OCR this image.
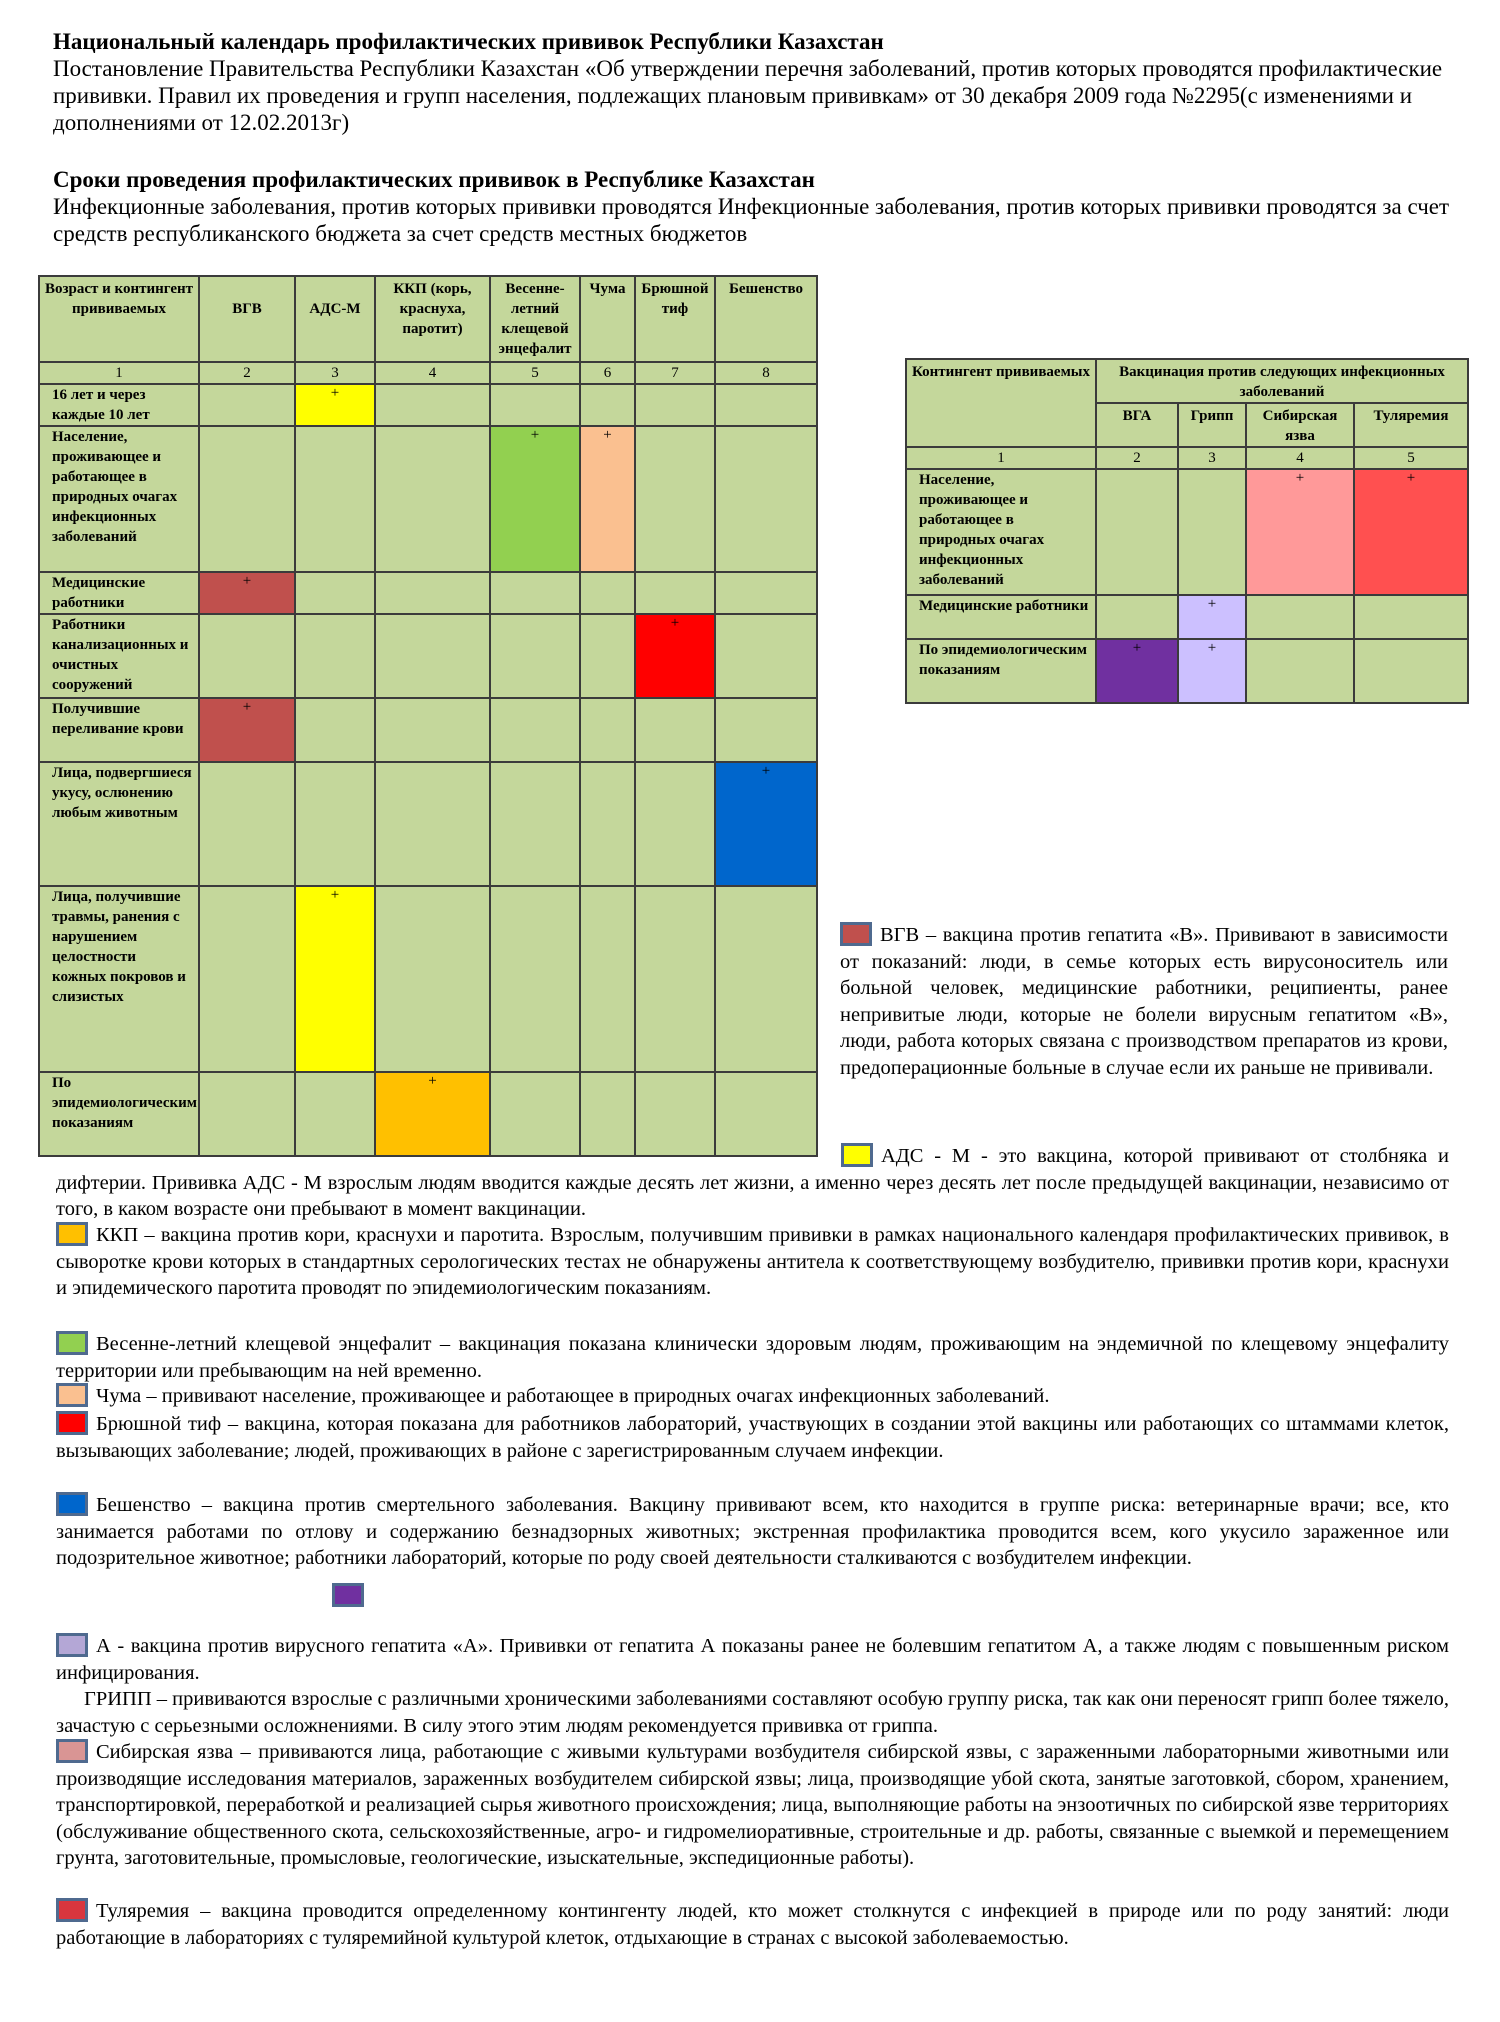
Национальный календарь профилактических прививок Республики Казахстан
Постановление Правительства Республики Казахстан «Об утверждении перечня заболеваний, против которых проводятся профилактические прививки. Правил их проведения и групп населения, подлежащих плановым прививкам» от 30 декабря 2009 года №2295(с изменениями и дополнениями от 12.02.2013г)
Сроки проведения профилактических прививок в Республике Казахстан
Инфекционные заболевания, против которых прививки проводятся Инфекционные заболевания, против которых прививки проводятся за счет средств республиканского бюджета за счет средств местных бюджетов
Возраст и контингент прививаемых	ВГВ	АДС-М	ККП (корь, краснуха, паротит)	Весенне-летний клещевой энцефалит	Чума	Брюшной тиф	Бешенство
1	2	3	4	5	6	7	8
16 лет и через каждые 10 лет		+					
Население, проживающее и работающее в природных очагах инфекционных заболеваний				+	+		
Медицинские работники	+						
Работники канализационных и очистных сооружений						+	
Получившие переливание крови	+						
Лица, подвергшиеся укусу, ослюнению любым животным							+
Лица, получившие травмы, ранения с нарушением целостности кожных покровов и слизистых		+					
По эпидемиологическим показаниям			+				
Контингент прививаемых	Вакцинация против следующих инфекционных заболеваний			
	ВГА	Грипп	Сибирская язва	Туляремия
1	2	3	4	5
Население, проживающее и работающее в природных очагах инфекционных заболеваний			+	+
Медицинские работники		+		
По эпидемиологическим показаниям	+	+		
ВГВ – вакцина против гепатита «В». Прививают в зависимости от показаний: люди, в семье которых есть вирусоноситель или больной человек, медицинские работники, реципиенты, ранее непривитые люди, которые не болели вирусным гепатитом «В», люди, работа которых связана с производством препаратов из крови, предоперационные больные в случае если их раньше не прививали.
АДС - М - это вакцина, которой прививают от столбняка и дифтерии. Прививка АДС - М взрослым людям вводится каждые десять лет жизни, а именно через десять лет после предыдущей вакцинации, независимо от того, в каком возрасте они пребывают в момент вакцинации.
ККП – вакцина против кори, краснухи и паротита. Взрослым, получившим прививки в рамках национального календаря профилактических прививок, в сыворотке крови которых в стандартных серологических тестах не обнаружены антитела к соответствующему возбудителю, прививки против кори, краснухи и эпидемического паротита проводят по эпидемиологическим показаниям.
Весенне-летний клещевой энцефалит – вакцинация показана клинически здоровым людям, проживающим на эндемичной по клещевому энцефалиту территории или пребывающим на ней временно.
Чума – прививают население, проживающее и работающее в природных очагах инфекционных заболеваний.
Брюшной тиф – вакцина, которая показана для работников лабораторий, участвующих в создании этой вакцины или работающих со штаммами клеток, вызывающих заболевание; людей, проживающих в районе с зарегистрированным случаем инфекции.
Бешенство – вакцина против смертельного заболевания. Вакцину прививают всем, кто находится в группе риска: ветеринарные врачи; все, кто занимается работами по отлову и содержанию безнадзорных животных; экстренная профилактика проводится всем, кого укусило зараженное или подозрительное животное; работники лабораторий, которые по роду своей деятельности сталкиваются с возбудителем инфекции.
А - вакцина против вирусного гепатита «А». Прививки от гепатита А показаны ранее не болевшим гепатитом А, а также людям с повышенным риском инфицирования.
ГРИПП – прививаются взрослые с различными хроническими заболеваниями составляют особую группу риска, так как они переносят грипп более тяжело, зачастую с серьезными осложнениями. В силу этого этим людям рекомендуется прививка от гриппа.
Сибирская язва – прививаются лица, работающие с живыми культурами возбудителя сибирской язвы, с зараженными лабораторными животными или производящие исследования материалов, зараженных возбудителем сибирской язвы; лица, производящие убой скота, занятые заготовкой, сбором, хранением, транспортировкой, переработкой и реализацией сырья животного происхождения; лица, выполняющие работы на энзоотичных по сибирской язве территориях (обслуживание общественного скота, сельскохозяйственные, агро- и гидромелиоративные, строительные и др. работы, связанные с выемкой и перемещением грунта, заготовительные, промысловые, геологические, изыскательные, экспедиционные работы).
Туляремия – вакцина проводится определенному контингенту людей, кто может столкнутся с инфекцией в природе или по роду занятий: люди работающие в лабораториях с туляремийной культурой клеток, отдыхающие в странах с высокой заболеваемостью.
